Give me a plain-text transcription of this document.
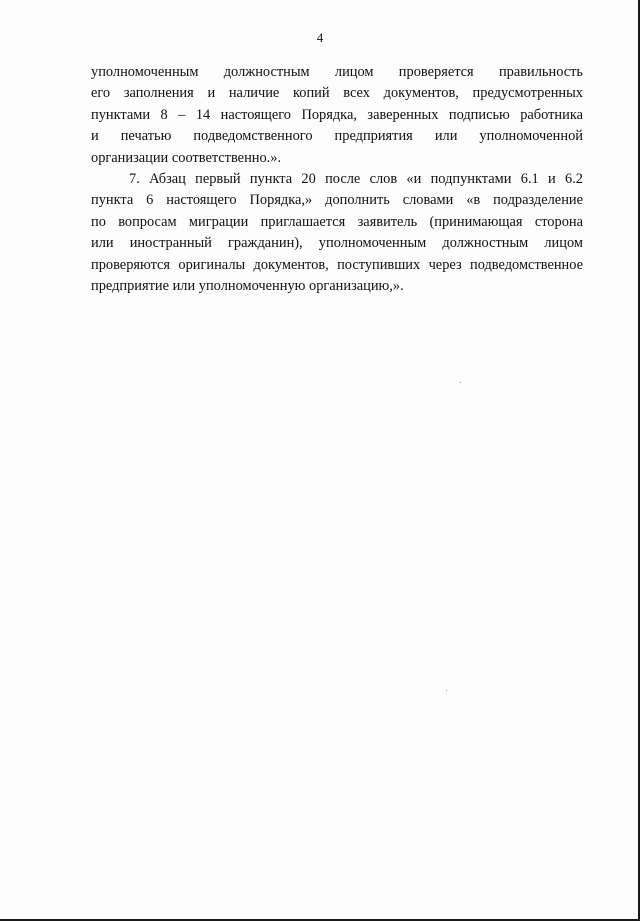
4
уполномоченным должностным лицом проверяется правильность
его заполнения и наличие копий всех документов, предусмотренных
пунктами 8 – 14 настоящего Порядка, заверенных подписью работника
и печатью подведомственного предприятия или уполномоченной
организации соответственно.».
7. Абзац первый пункта 20 после слов «и подпунктами 6.1 и 6.2
пункта 6 настоящего Порядка,» дополнить словами «в подразделение
по вопросам миграции приглашается заявитель (принимающая сторона
или иностранный гражданин), уполномоченным должностным лицом
проверяются оригиналы документов, поступивших через подведомственное
предприятие или уполномоченную организацию,».
